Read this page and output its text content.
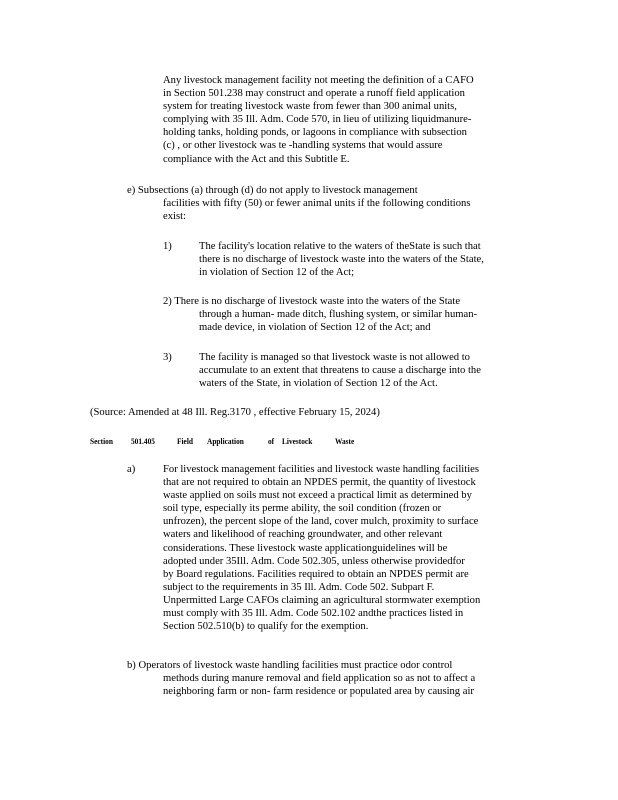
Any livestock management facility not meeting the definition of a CAFO
in Section 501.238 may construct and operate a runoff field application
system for treating livestock waste from fewer than 300 animal units,
complying with 35 Ill. Adm. Code 570, in lieu of utilizing liquidmanure-
holding tanks, holding ponds, or lagoons in compliance with subsection
(c) , or other livestock was te -handling systems that would assure
compliance with the Act and this Subtitle E.

e) Subsections (a) through (d) do not apply to livestock management

facilities with fifty (50) or fewer animal units if the following conditions
exist:

1)	The facility's location relative to the waters of theState is such that
there is no discharge of livestock waste into the waters of the State,
in violation of Section 12 of the Act;

2) There is no discharge of livestock waste into the waters of the State

through a human- made ditch, flushing system, or similar human-
made device, in violation of Section 12 of the Act; and

3)	The facility is managed so that livestock waste is not allowed to
accumulate to an extent that threatens to cause a discharge into the
waters of the State, in violation of Section 12 of the Act.

(Source: Amended at 48 Ill. Reg.3170 , effective February 15, 2024)
Section 501.405	Field Application	of Livestock	Waste
a)	For livestock management facilities and livestock waste handling facilities
that are not required to obtain an NPDES permit, the quantity of livestock
waste applied on soils must not exceed a practical limit as determined by
soil type, especially its perme ability, the soil condition (frozen or
unfrozen), the percent slope of the land, cover mulch, proximity to surface
waters and likelihood of reaching groundwater, and other relevant
considerations. These livestock waste applicationguidelines will be
adopted under 35Ill. Adm. Code 502.305, unless otherwise providedfor
by Board regulations. Facilities required to obtain an NPDES permit are
subject to the requirements in 35 Ill. Adm. Code 502. Subpart F.
Unpermitted Large CAFOs claiming an agricultural stormwater exemption
must comply with 35 Ill. Adm. Code 502.102 andthe practices listed in
Section 502.510(b) to qualify for the exemption.

b) Operators of livestock waste handling facilities must practice odor control

methods during manure removal and field application so as not to affect a
neighboring farm or non- farm residence or populated area by causing air
